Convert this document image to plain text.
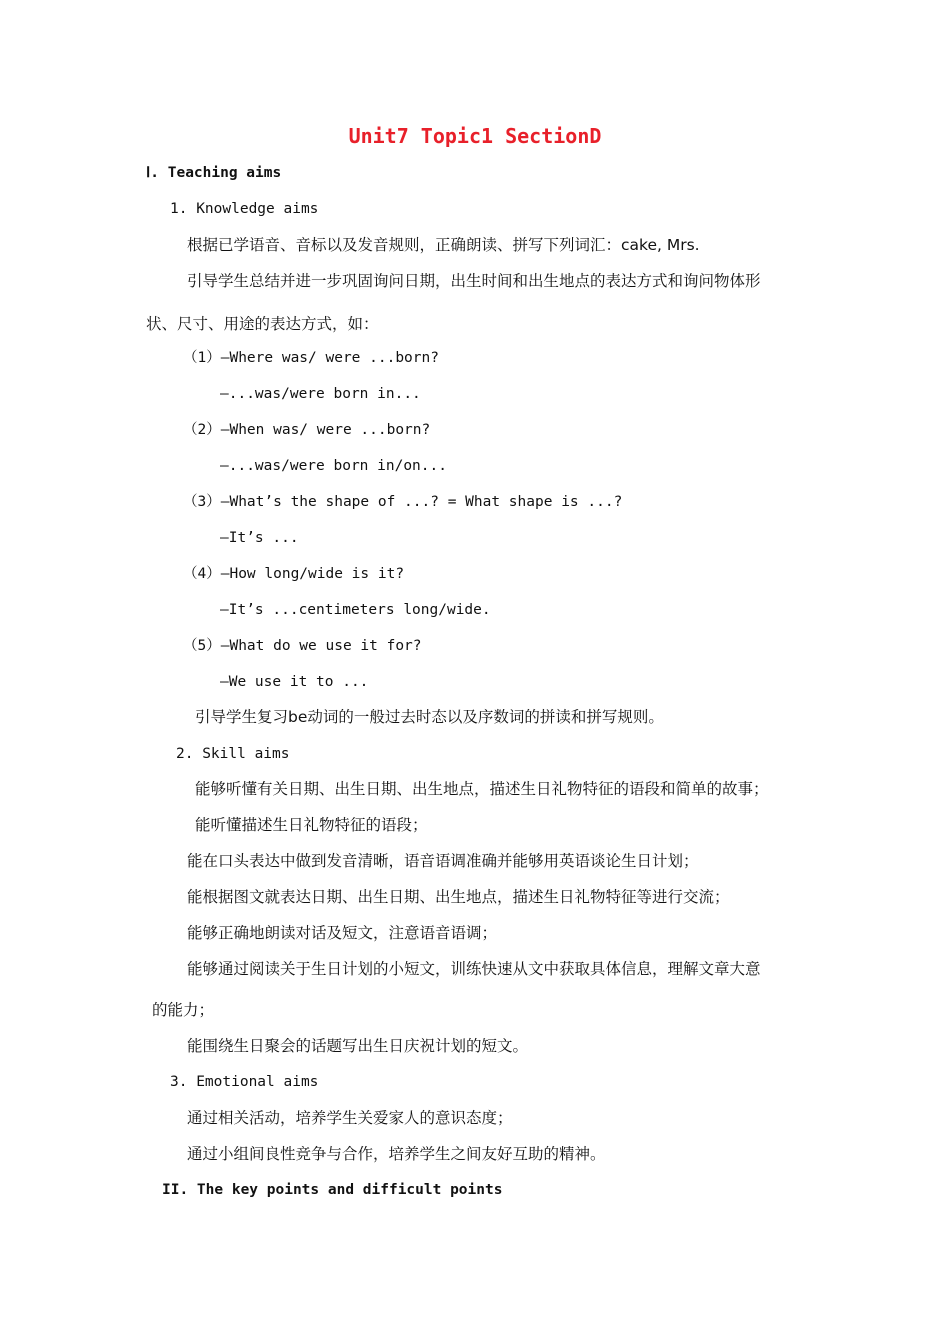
Unit7 Topic1 SectionD
Ⅰ. Teaching aims
1. Knowledge aims
根据已学语音、音标以及发音规则，正确朗读、拼写下列词汇：cake, Mrs.
引导学生总结并进一步巩固询问日期，出生时间和出生地点的表达方式和询问物体形
状、尺寸、用途的表达方式，如：
（1）—Where was/ were ...born?
—...was/were born in...
（2）—When was/ were ...born?
—...was/were born in/on...
（3）—What’s the shape of ...? = What shape is ...?
—It’s ...
（4）—How long/wide is it?
—It’s ...centimeters long/wide.
（5）—What do we use it for?
—We use it to ...
引导学生复习be动词的一般过去时态以及序数词的拼读和拼写规则。
2. Skill aims
能够听懂有关日期、出生日期、出生地点，描述生日礼物特征的语段和简单的故事；
能听懂描述生日礼物特征的语段；
能在口头表达中做到发音清晰，语音语调准确并能够用英语谈论生日计划；
能根据图文就表达日期、出生日期、出生地点，描述生日礼物特征等进行交流；
能够正确地朗读对话及短文，注意语音语调；
能够通过阅读关于生日计划的小短文，训练快速从文中获取具体信息，理解文章大意
的能力；
能围绕生日聚会的话题写出生日庆祝计划的短文。
3. Emotional aims
通过相关活动，培养学生关爱家人的意识态度；
通过小组间良性竞争与合作，培养学生之间友好互助的精神。
II. The key points and difficult points
